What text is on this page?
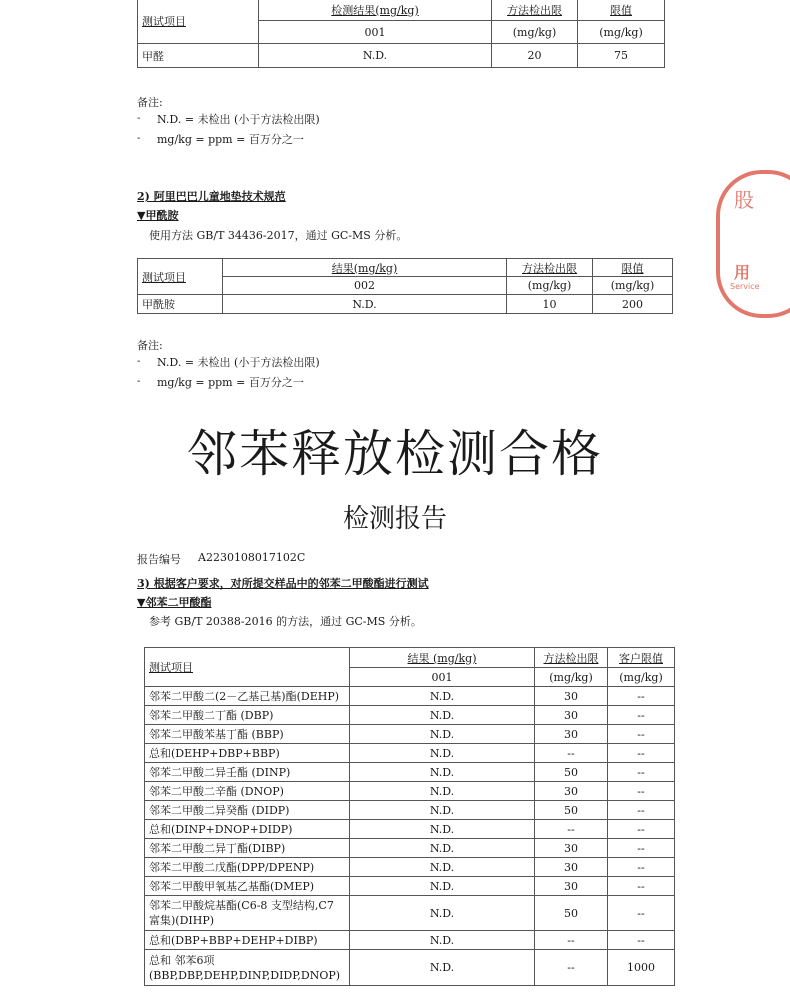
测试项目	检测结果(mg/kg)	方法检出限	限值
	001	(mg/kg)	(mg/kg)
甲醛	N.D.	20	75
备注:
- N.D. = 未检出 (小于方法检出限)
- mg/kg = ppm = 百万分之一
2) 阿里巴巴儿童地垫技术规范
▼甲酰胺
使用方法 GB/T 34436-2017，通过 GC-MS 分析。
测试项目	结果(mg/kg)	方法检出限	限值
	002	(mg/kg)	(mg/kg)
甲酰胺	N.D.	10	200
备注:
- N.D. = 未检出 (小于方法检出限)
- mg/kg = ppm = 百万分之一
邻苯释放检测合格
检测报告
报告编号 A2230108017102C
3) 根据客户要求，对所提交样品中的邻苯二甲酸酯进行测试
▼邻苯二甲酸酯
参考 GB/T 20388-2016 的方法，通过 GC-MS 分析。
测试项目	结果 (mg/kg)	方法检出限	客户限值
	001	(mg/kg)	(mg/kg)
邻苯二甲酸二(2－乙基己基)酯(DEHP)	N.D.	30	--
邻苯二甲酸二丁酯 (DBP)	N.D.	30	--
邻苯二甲酸苯基丁酯 (BBP)	N.D.	30	--
总和(DEHP+DBP+BBP)	N.D.	--	--
邻苯二甲酸二异壬酯 (DINP)	N.D.	50	--
邻苯二甲酸二辛酯 (DNOP)	N.D.	30	--
邻苯二甲酸二异癸酯 (DIDP)	N.D.	50	--
总和(DINP+DNOP+DIDP)	N.D.	--	--
邻苯二甲酸二异丁酯(DIBP)	N.D.	30	--
邻苯二甲酸二戊酯(DPP/DPENP)	N.D.	30	--
邻苯二甲酸甲氧基乙基酯(DMEP)	N.D.	30	--
邻苯二甲酸烷基酯(C6-8 支型结构,C7 富集)(DIHP)	N.D.	50	--
总和(DBP+BBP+DEHP+DIBP)	N.D.	--	--
总和 邻苯6项 (BBP,DBP,DEHP,DINP,DIDP,DNOP)	N.D.	--	1000
股
用
Service
